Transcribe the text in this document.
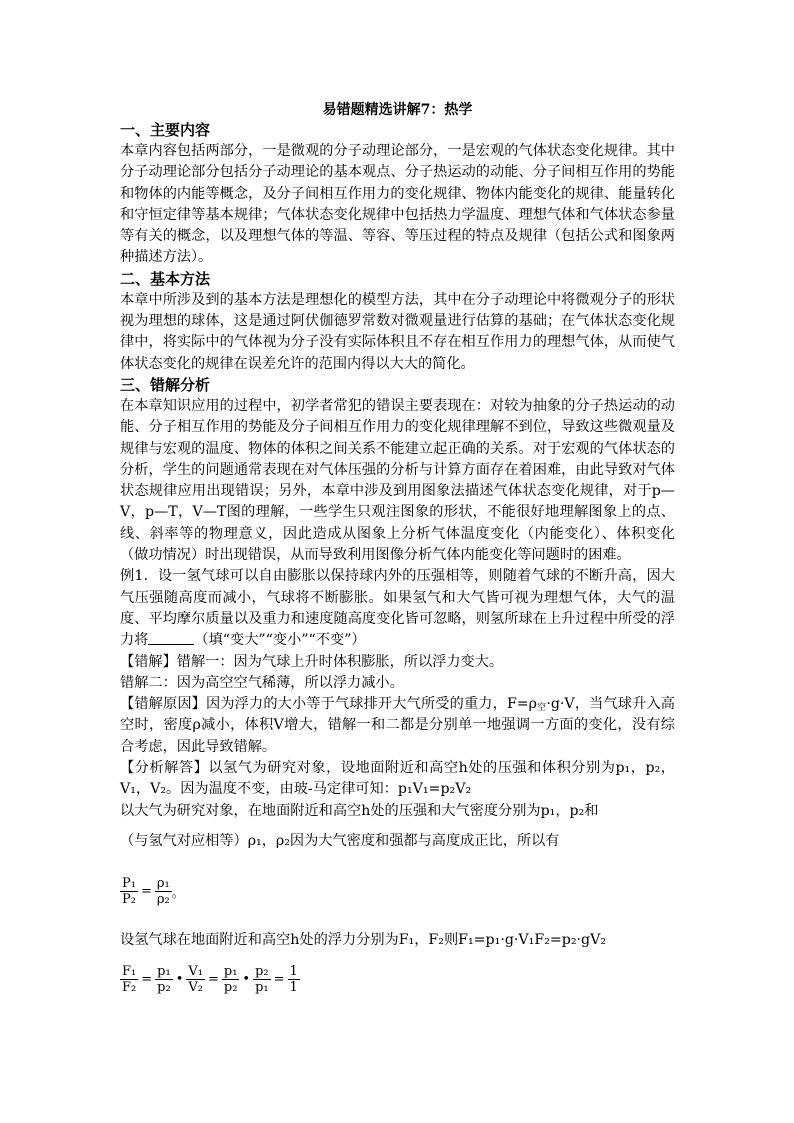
易错题精选讲解7：热学
一、主要内容

本章内容包括两部分，一是微观的分子动理论部分，一是宏观的气体状态变化规律。其中分子动理论部分包括分子动理论的基本观点、分子热运动的动能、分子间相互作用的势能和物体的内能等概念，及分子间相互作用力的变化规律、物体内能变化的规律、能量转化和守恒定律等基本规律；气体状态变化规律中包括热力学温度、理想气体和气体状态参量等有关的概念，以及理想气体的等温、等容、等压过程的特点及规律（包括公式和图象两种描述方法）。

二、基本方法

本章中所涉及到的基本方法是理想化的模型方法，其中在分子动理论中将微观分子的形状视为理想的球体，这是通过阿伏伽德罗常数对微观量进行估算的基础；在气体状态变化规律中，将实际中的气体视为分子没有实际体积且不存在相互作用力的理想气体，从而使气体状态变化的规律在误差允许的范围内得以大大的简化。

三、错解分析

在本章知识应用的过程中，初学者常犯的错误主要表现在：对较为抽象的分子热运动的动能、分子相互作用的势能及分子间相互作用力的变化规律理解不到位，导致这些微观量及规律与宏观的温度、物体的体积之间关系不能建立起正确的关系。对于宏观的气体状态的分析，学生的问题通常表现在对气体压强的分析与计算方面存在着困难，由此导致对气体状态规律应用出现错误；另外，本章中涉及到用图象法描述气体状态变化规律，对于p—V，p—T，V—T图的理解，一些学生只观注图象的形状，不能很好地理解图象上的点、线、斜率等的物理意义，因此造成从图象上分析气体温度变化（内能变化）、体积变化（做功情况）时出现错误，从而导致利用图像分析气体内能变化等问题时的困难。

例1．设一氢气球可以自由膨胀以保持球内外的压强相等，则随着气球的不断升高，因大气压强随高度而减小，气球将不断膨胀。如果氢气和大气皆可视为理想气体，大气的温度、平均摩尔质量以及重力和速度随高度变化皆可忽略，则氢所球在上升过程中所受的浮力将	（填“变大”“变小”“不变”）

【错解】错解一：因为气球上升时体积膨胀，所以浮力变大。

错解二：因为高空空气稀薄，所以浮力减小。

【错解原因】因为浮力的大小等于气球排开大气所受的重力，$F=\rho_空\cdot g\cdot V$，当气球升入高空时，密度ρ减小，体积V增大，错解一和二都是分别单一地强调一方面的变化，没有综合考虑，因此导致错解。

【分析解答】以氢气为研究对象，设地面附近和高空h处的压强和体积分别为p₁，p₂，V₁，V₂。因为温度不变，由玻-马定律可知：p₁V₁=p₂V₂

以大气为研究对象，在地面附近和高空h处的压强和大气密度分别为p₁，p₂和

（与氢气对应相等）ρ₁，ρ₂因为大气密度和强都与高度成正比，所以有

$\frac{\text{P₁}}{\text{P₂}} = \frac{\text{ρ₁}}{\text{ρ₂}}$ 。

设氢气球在地面附近和高空h处的浮力分别为F₁，F₂则F₁=p₁·g·V₁F₂=p₂·gV₂

$\frac{\text{F₁}}{\text{F₂}} = \frac{\text{p₁}}{\text{p₂}}$ • $\frac{\text{V₁}}{\text{V₂}} = \frac{\text{p₁}}{\text{p₂}}$ • $\frac{\text{p₂}}{\text{p₁}} = \frac{1}{1}$
